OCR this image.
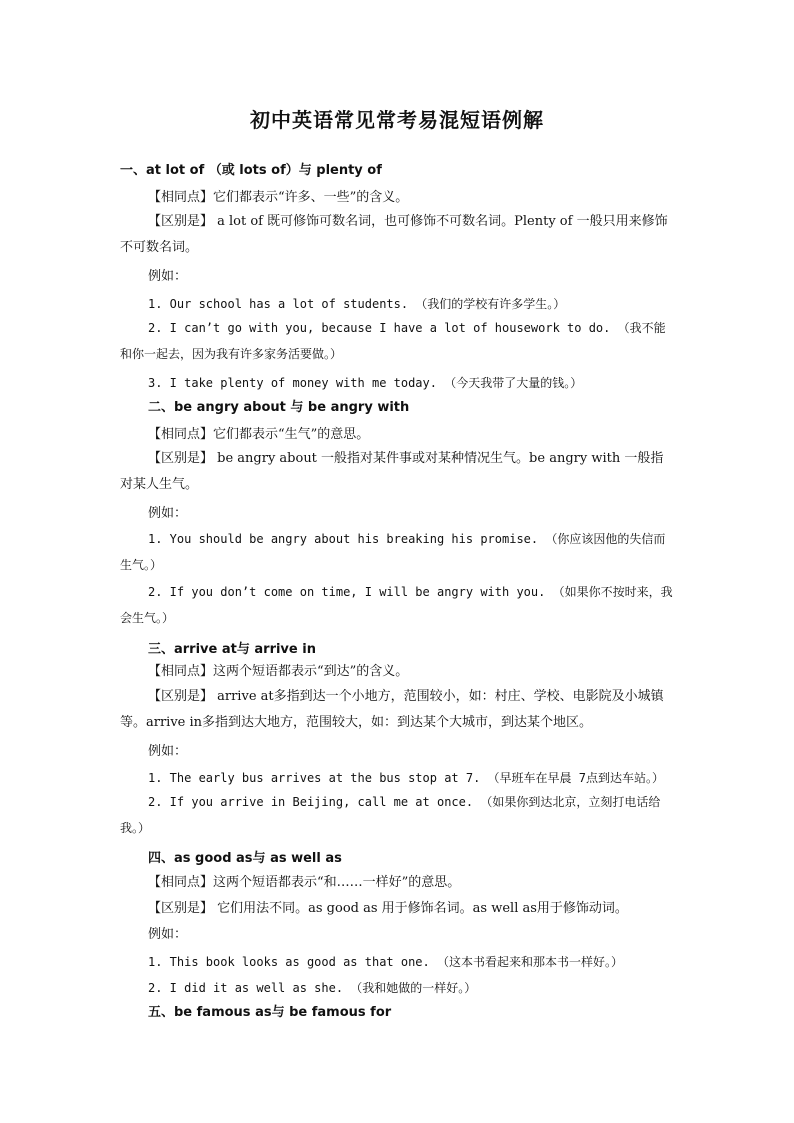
初中英语常见常考易混短语例解
一、at lot of （或 lots of）与 plenty of
【相同点】它们都表示“许多、一些”的含义。
【区别是】 a lot of 既可修饰可数名词，也可修饰不可数名词。Plenty of 一般只用来修饰不可数名词。
例如：
1. Our school has a lot of students. （我们的学校有许多学生。）
2. I can’t go with you, because I have a lot of housework to do. （我不能和你一起去，因为我有许多家务活要做。）
3. I take plenty of money with me today. （今天我带了大量的钱。）
二、be angry about 与 be angry with
【相同点】它们都表示“生气”的意思。
【区别是】 be angry about 一般指对某件事或对某种情况生气。be angry with 一般指对某人生气。
例如：
1. You should be angry about his breaking his promise. （你应该因他的失信而生气。）
2. If you don’t come on time, I will be angry with you. （如果你不按时来，我会生气。）
三、arrive at与 arrive in
【相同点】这两个短语都表示“到达”的含义。
【区别是】 arrive at多指到达一个小地方，范围较小，如：村庄、学校、电影院及小城镇等。arrive in多指到达大地方，范围较大，如：到达某个大城市，到达某个地区。
例如：
1. The early bus arrives at the bus stop at 7. （早班车在早晨 7点到达车站。）
2. If you arrive in Beijing, call me at once. （如果你到达北京，立刻打电话给我。）
四、as good as与 as well as
【相同点】这两个短语都表示“和……一样好”的意思。
【区别是】 它们用法不同。as good as 用于修饰名词。as well as用于修饰动词。
例如：
1. This book looks as good as that one. （这本书看起来和那本书一样好。）
2. I did it as well as she. （我和她做的一样好。）
五、be famous as与 be famous for
